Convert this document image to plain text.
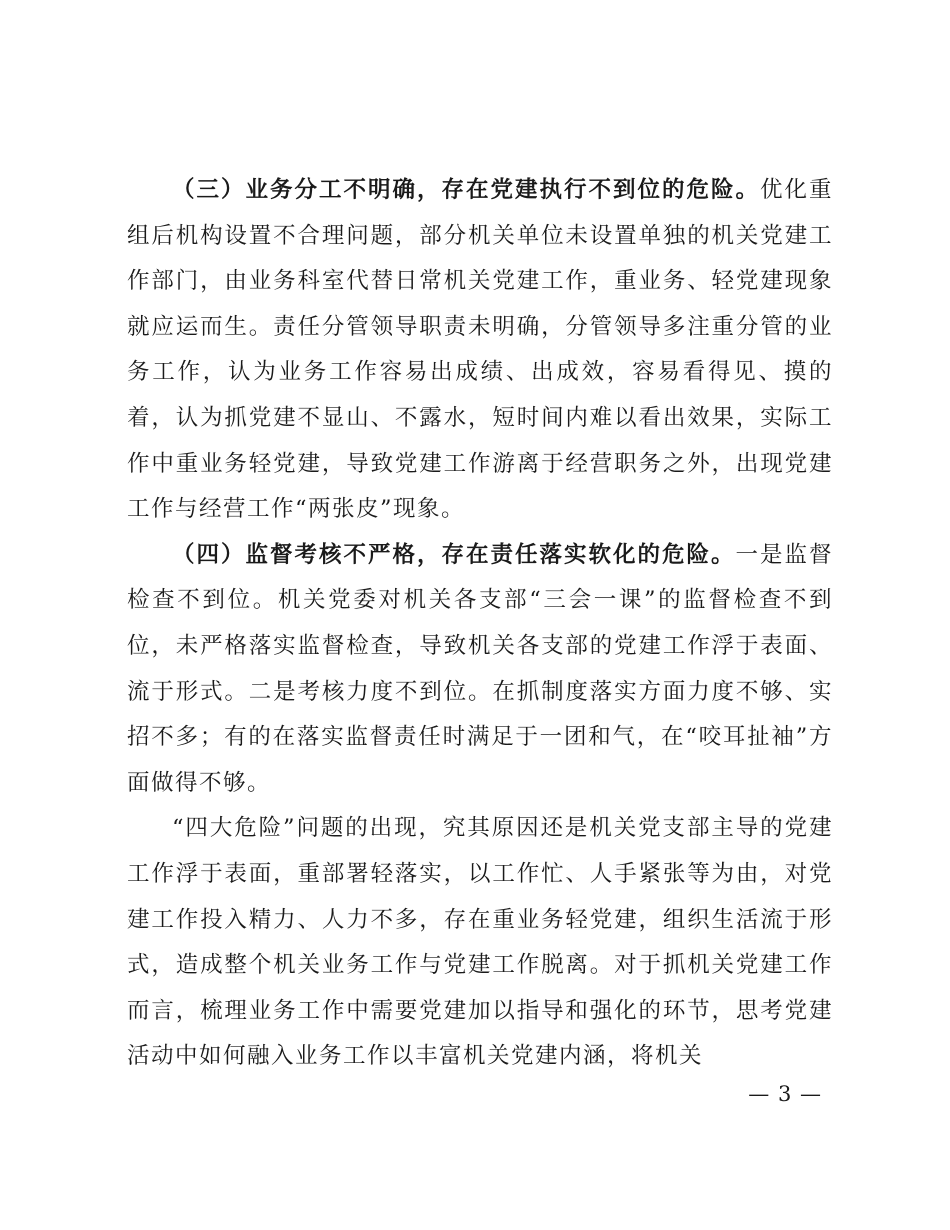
（三）业务分工不明确，存在党建执行不到位的危险。优化重组后机构设置不合理问题，部分机关单位未设置单独的机关党建工作部门，由业务科室代替日常机关党建工作，重业务、轻党建现象就应运而生。责任分管领导职责未明确，分管领导多注重分管的业务工作，认为业务工作容易出成绩、出成效，容易看得见、摸的着，认为抓党建不显山、不露水，短时间内难以看出效果，实际工作中重业务轻党建，导致党建工作游离于经营职务之外，出现党建工作与经营工作“两张皮”现象。

（四）监督考核不严格，存在责任落实软化的危险。一是监督检查不到位。机关党委对机关各支部“三会一课”的监督检查不到位，未严格落实监督检查，导致机关各支部的党建工作浮于表面、流于形式。二是考核力度不到位。在抓制度落实方面力度不够、实招不多；有的在落实监督责任时满足于一团和气，在“咬耳扯袖”方面做得不够。

“四大危险”问题的出现，究其原因还是机关党支部主导的党建工作浮于表面，重部署轻落实，以工作忙、人手紧张等为由，对党建工作投入精力、人力不多，存在重业务轻党建，组织生活流于形式，造成整个机关业务工作与党建工作脱离。对于抓机关党建工作而言，梳理业务工作中需要党建加以指导和强化的环节，思考党建活动中如何融入业务工作以丰富机关党建内涵，将机关

— 3 —
